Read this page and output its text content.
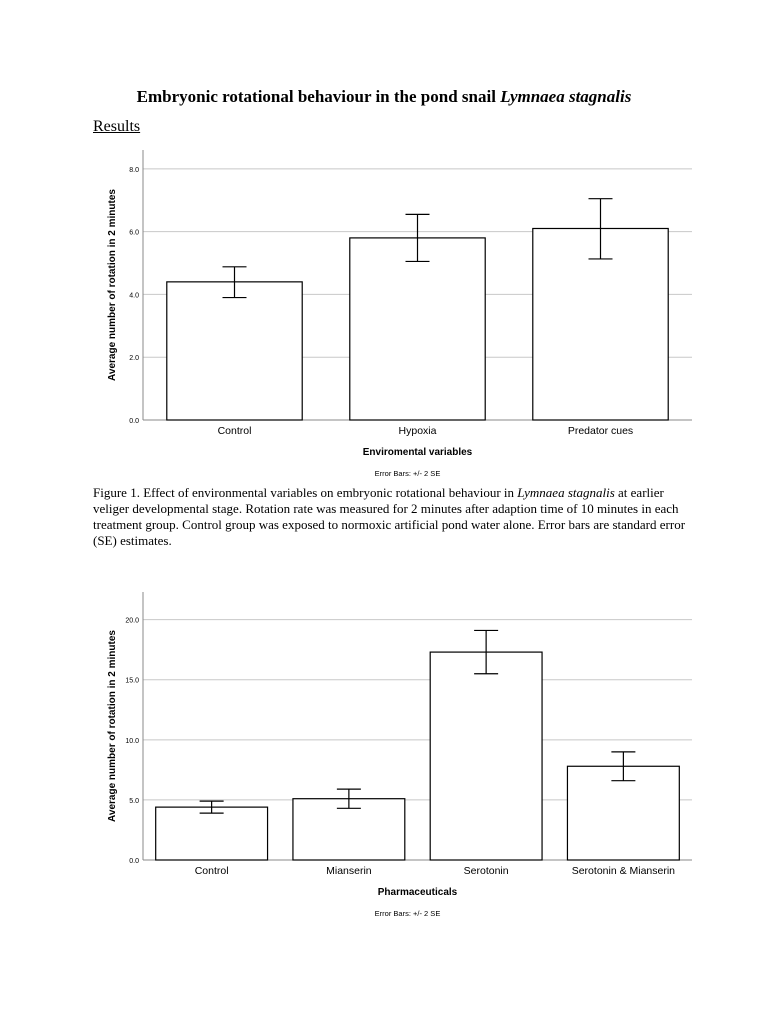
Embryonic rotational behaviour in the pond snail Lymnaea stagnalis
Results
0.0
2.0
4.0
6.0
8.0
Control	Hypoxia	Predator cues
Enviromental variables
Average number of rotation in 2 minutes
Error Bars: +/- 2 SE
Figure 1. Effect of environmental variables on embryonic rotational behaviour in Lymnaea stagnalis at earlier veliger developmental stage. Rotation rate was measured for 2 minutes after adaption time of 10 minutes in each treatment group. Control group was exposed to normoxic artificial pond water alone. Error bars are standard error (SE) estimates.
0.0
5.0
10.0
15.0
20.0
Control	Mianserin	Serotonin	Serotonin & Mianserin
Pharmaceuticals
Average number of rotation in 2 minutes
Error Bars: +/- 2 SE
